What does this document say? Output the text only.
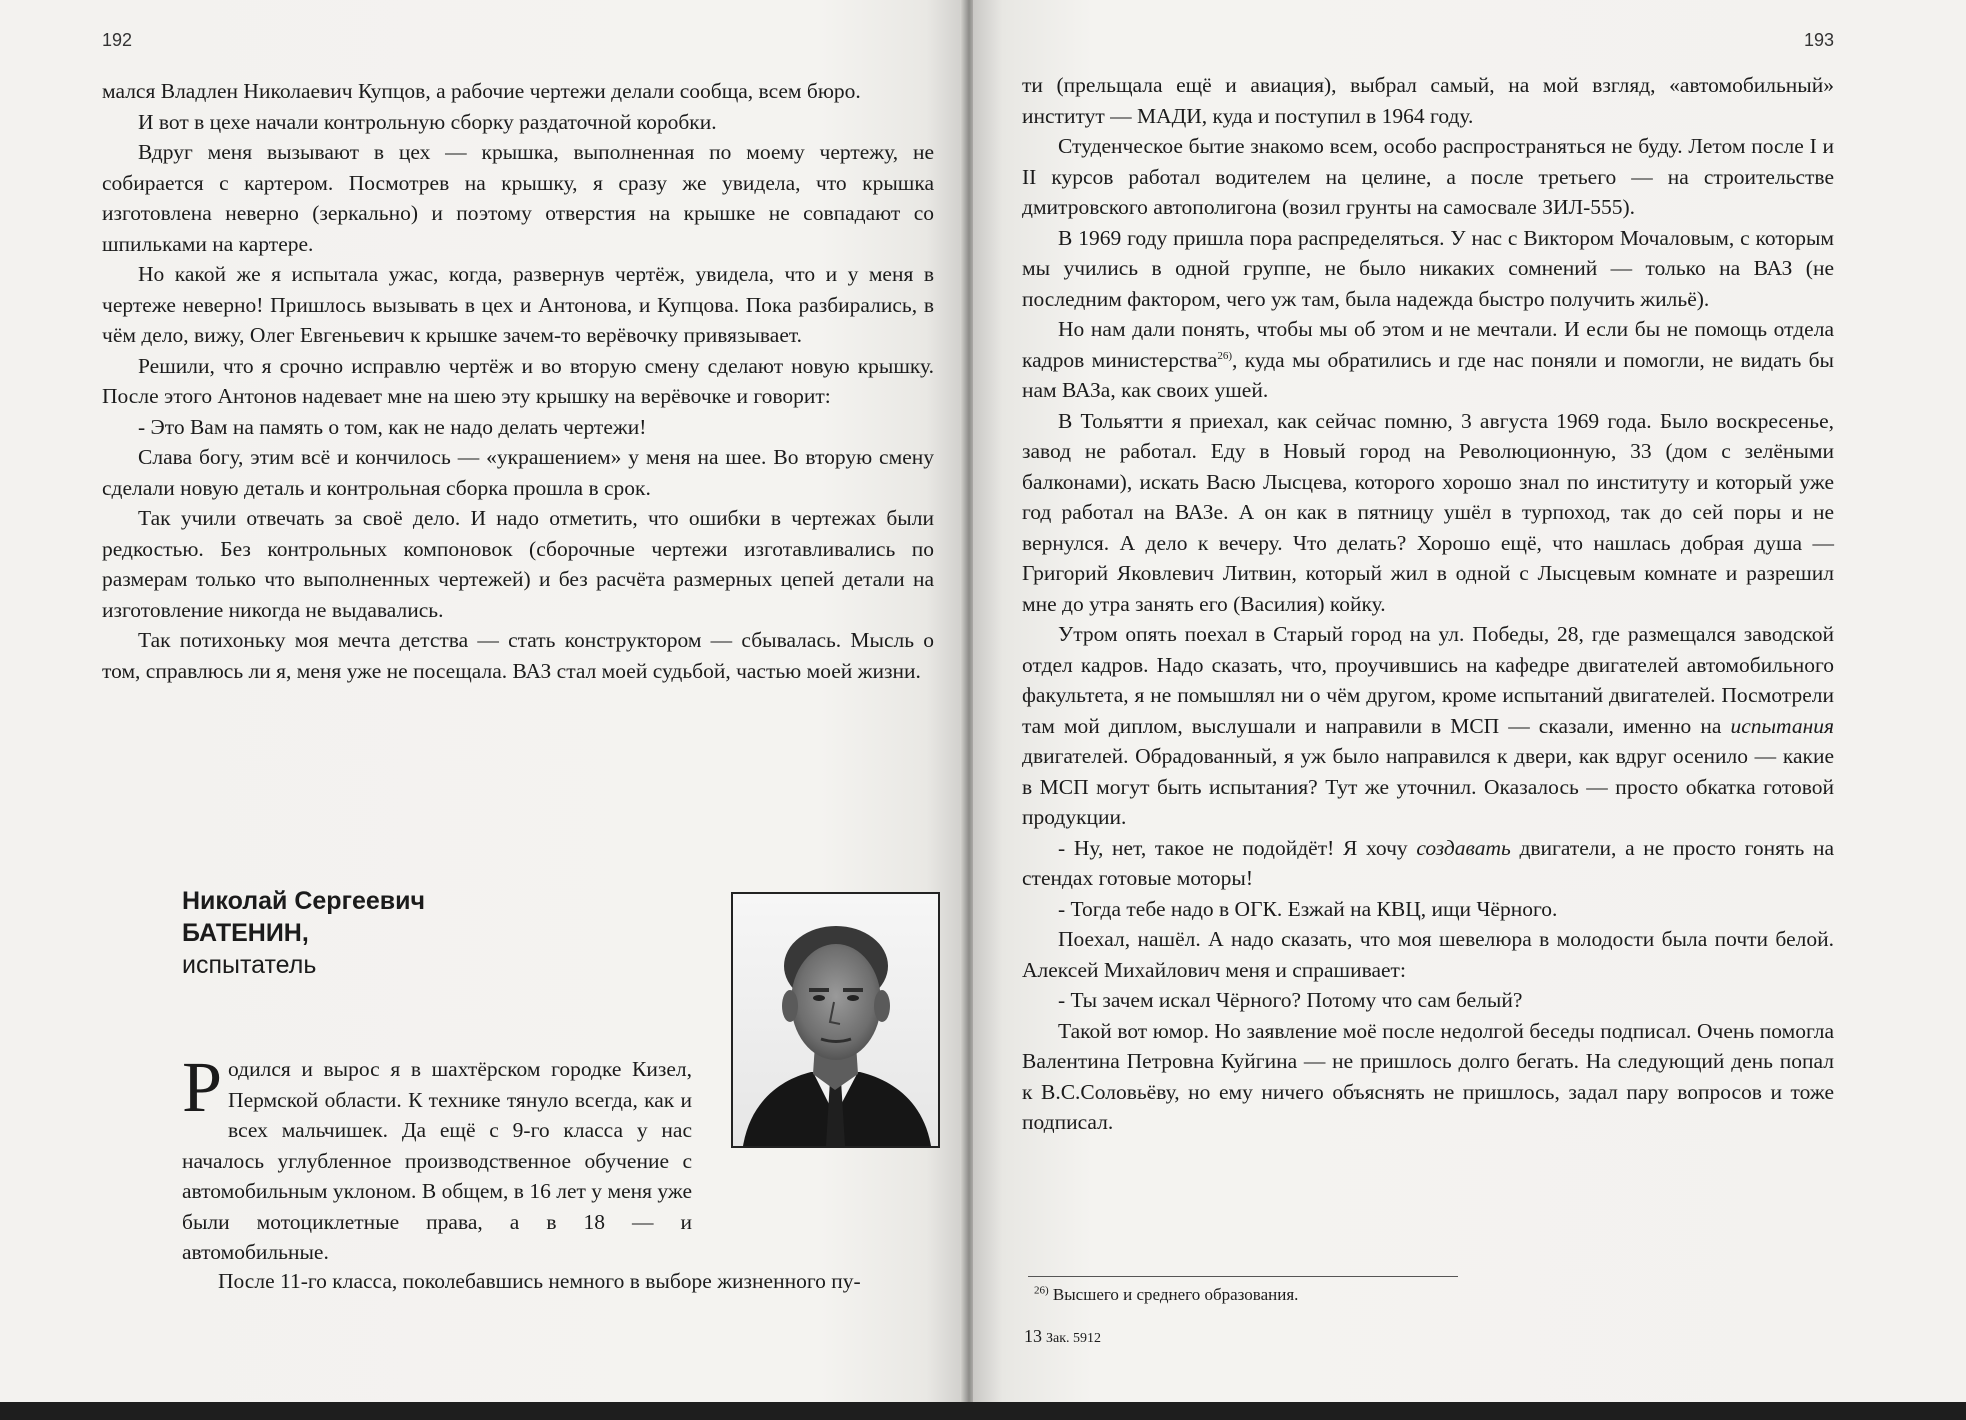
192

мался Владлен Николаевич Купцов, а рабочие чертежи делали сообща, всем бюро.

И вот в цехе начали контрольную сборку раздаточной коробки.

Вдруг меня вызывают в цех — крышка, выполненная по моему чертежу, не собирается с картером. Посмотрев на крышку, я сразу же увидела, что крышка изготовлена неверно (зеркально) и поэтому отверстия на крышке не совпадают со шпильками на картере.

Но какой же я испытала ужас, когда, развернув чертёж, увидела, что и у меня в чертеже неверно! Пришлось вызывать в цех и Антонова, и Купцова. Пока разбирались, в чём дело, вижу, Олег Евгеньевич к крышке зачем-то верёвочку привязывает.

Решили, что я срочно исправлю чертёж и во вторую смену сделают новую крышку. После этого Антонов надевает мне на шею эту крышку на верёвочке и говорит:

- Это Вам на память о том, как не надо делать чертежи!

Слава богу, этим всё и кончилось — «украшением» у меня на шее. Во вторую смену сделали новую деталь и контрольная сборка прошла в срок.

Так учили отвечать за своё дело. И надо отметить, что ошибки в чертежах были редкостью. Без контрольных компоновок (сборочные чертежи изготавливались по размерам только что выполненных чертежей) и без расчёта размерных цепей детали на изготовление никогда не выдавались.

Так потихоньку моя мечта детства — стать конструктором — сбывалась. Мысль о том, справлюсь ли я, меня уже не посещала. ВАЗ стал моей судьбой, частью моей жизни.

Николай Сергеевич
БАТЕНИН,
испытатель

Родился и вырос я в шахтёрском городке Кизел, Пермской области. К технике тянуло всегда, как и всех мальчишек. Да ещё с 9-го класса у нас началось углубленное производственное обучение с автомобильным уклоном. В общем, в 16 лет у меня уже были мотоциклетные права, а в 18 — и автомобильные.

После 11-го класса, поколебавшись немного в выборе жизненного пу-

193

ти (прельщала ещё и авиация), выбрал самый, на мой взгляд, «автомобильный» институт — МАДИ, куда и поступил в 1964 году.

Студенческое бытие знакомо всем, особо распространяться не буду. Летом после I и II курсов работал водителем на целине, а после третьего — на строительстве дмитровского автополигона (возил грунты на самосвале ЗИЛ-555).

В 1969 году пришла пора распределяться. У нас с Виктором Мочаловым, с которым мы учились в одной группе, не было никаких сомнений — только на ВАЗ (не последним фактором, чего уж там, была надежда быстро получить жильё).

Но нам дали понять, чтобы мы об этом и не мечтали. И если бы не помощь отдела кадров министерства$^{26)}$, куда мы обратились и где нас поняли и помогли, не видать бы нам ВАЗа, как своих ушей.

В Тольятти я приехал, как сейчас помню, 3 августа 1969 года. Было воскресенье, завод не работал. Еду в Новый город на Революционную, 33 (дом с зелёными балконами), искать Васю Лысцева, которого хорошо знал по институту и который уже год работал на ВАЗе. А он как в пятницу ушёл в турпоход, так до сей поры и не вернулся. А дело к вечеру. Что делать? Хорошо ещё, что нашлась добрая душа — Григорий Яковлевич Литвин, который жил в одной с Лысцевым комнате и разрешил мне до утра занять его (Василия) койку.

Утром опять поехал в Старый город на ул. Победы, 28, где размещался заводской отдел кадров. Надо сказать, что, проучившись на кафедре двигателей автомобильного факультета, я не помышлял ни о чём другом, кроме испытаний двигателей. Посмотрели там мой диплом, выслушали и направили в МСП — сказали, именно на испытания двигателей. Обрадованный, я уж было направился к двери, как вдруг осенило — какие в МСП могут быть испытания? Тут же уточнил. Оказалось — просто обкатка готовой продукции.

- Ну, нет, такое не подойдёт! Я хочу создавать двигатели, а не просто гонять на стендах готовые моторы!

- Тогда тебе надо в ОГК. Езжай на КВЦ, ищи Чёрного.

Поехал, нашёл. А надо сказать, что моя шевелюра в молодости была почти белой. Алексей Михайлович меня и спрашивает:

- Ты зачем искал Чёрного? Потому что сам белый?

Такой вот юмор. Но заявление моё после недолгой беседы подписал. Очень помогла Валентина Петровна Куйгина — не пришлось долго бегать. На следующий день попал к В.С.Соловьёву, но ему ничего объяснять не пришлось, задал пару вопросов и тоже подписал.

$^{26)}$ Высшего и среднего образования.
13 Зак. 5912
